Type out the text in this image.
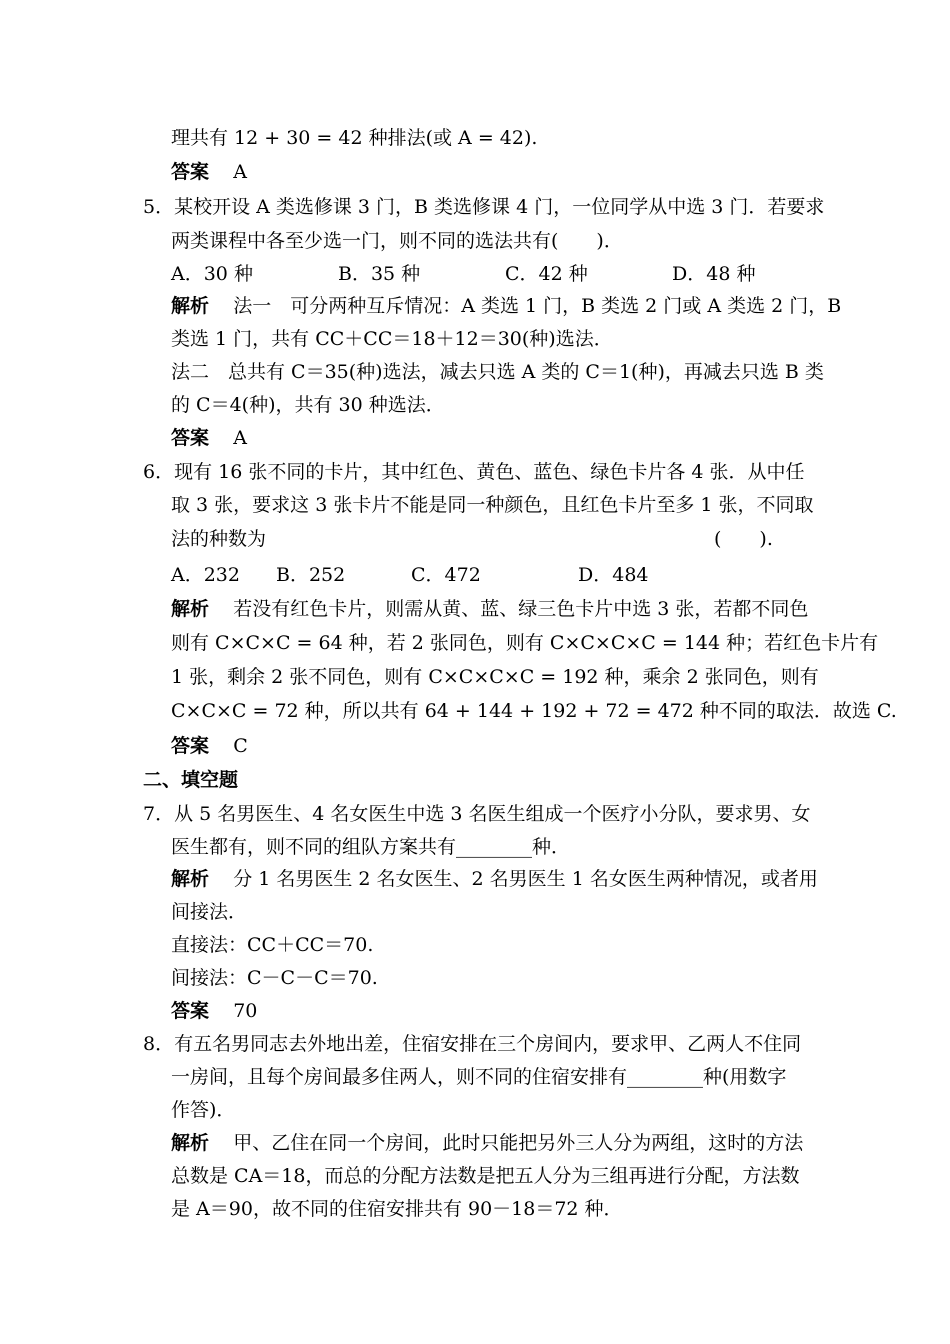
理共有 12 + 30 = 42 种排法(或 A = 42).
答案 A
5．某校开设 A 类选修课 3 门，B 类选修课 4 门，一位同学从中选 3 门．若要求
两类课程中各至少选一门，则不同的选法共有(　　)．
A．30 种	B．35 种	C．42 种	D．48 种
解析 法一　可分两种互斥情况：A 类选 1 门，B 类选 2 门或 A 类选 2 门，B
类选 1 门，共有 CC＋CC＝18＋12＝30(种)选法．
法二　总共有 C＝35(种)选法，减去只选 A 类的 C＝1(种)，再减去只选 B 类
的 C＝4(种)，共有 30 种选法．
答案 A
6．现有 16 张不同的卡片，其中红色、黄色、蓝色、绿色卡片各 4 张．从中任
取 3 张，要求这 3 张卡片不能是同一种颜色，且红色卡片至多 1 张，不同取
法的种数为	(　　).
A．232 B．252	C．472	D．484
解析 若没有红色卡片，则需从黄、蓝、绿三色卡片中选 3 张，若都不同色
则有 C×C×C = 64 种，若 2 张同色，则有 C×C×C×C = 144 种；若红色卡片有
1 张，剩余 2 张不同色，则有 C×C×C×C = 192 种，乘余 2 张同色，则有
C×C×C = 72 种，所以共有 64 + 144 + 192 + 72 = 472 种不同的取法．故选 C.
答案 C
二、填空题
7．从 5 名男医生、4 名女医生中选 3 名医生组成一个医疗小分队，要求男、女
医生都有，则不同的组队方案共有________种．
解析 分 1 名男医生 2 名女医生、2 名男医生 1 名女医生两种情况，或者用
间接法．
直接法：CC＋CC＝70.
间接法：C－C－C＝70.
答案 70
8．有五名男同志去外地出差，住宿安排在三个房间内，要求甲、乙两人不住同
一房间，且每个房间最多住两人，则不同的住宿安排有________种(用数字
作答)．
解析 甲、乙住在同一个房间，此时只能把另外三人分为两组，这时的方法
总数是 CA＝18，而总的分配方法数是把五人分为三组再进行分配，方法数
是 A＝90，故不同的住宿安排共有 90－18＝72 种．
